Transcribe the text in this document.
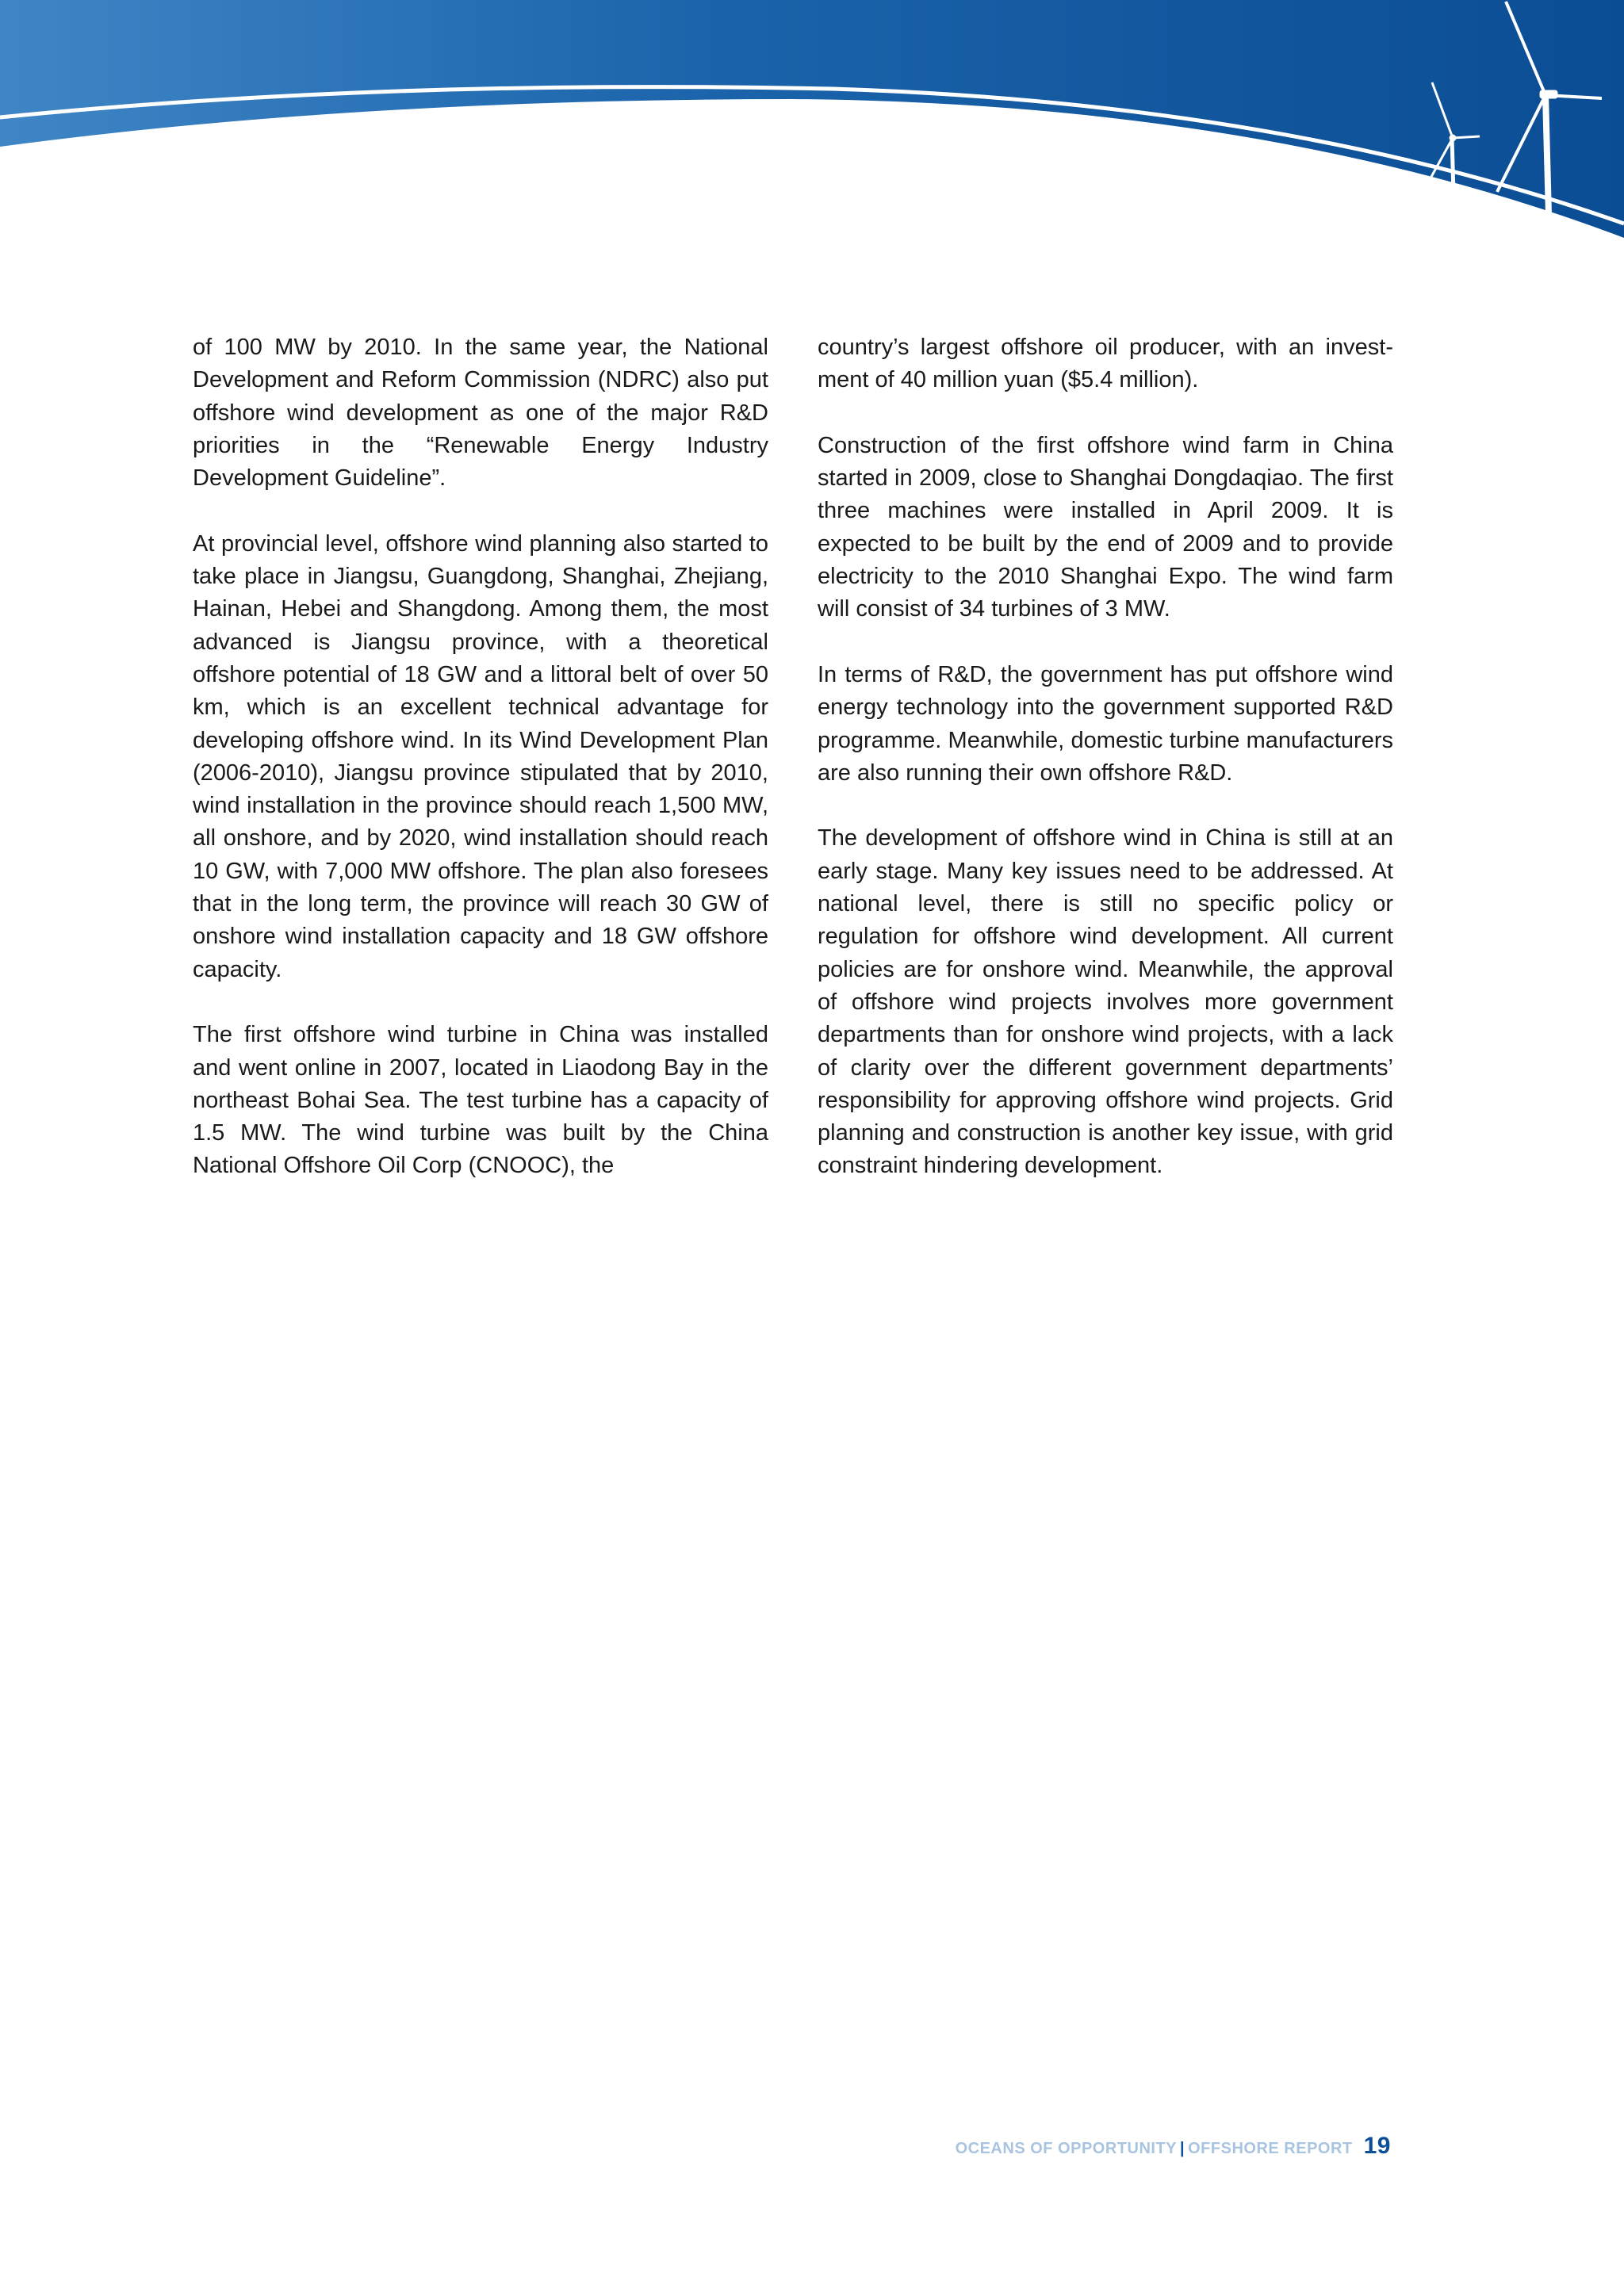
of 100 MW by 2010. In the same year, the National Development and Reform Commission (NDRC) also put offshore wind development as one of the major R&D priorities in the “Renewable Energy Industry Development Guideline”.

At provincial level, offshore wind planning also started to take place in Jiangsu, Guangdong, Shanghai, Zhejiang, Hainan, Hebei and Shangdong. Among them, the most advanced is Jiangsu province, with a theoretical offshore potential of 18 GW and a littoral belt of over 50 km, which is an excellent technical advantage for developing offshore wind. In its Wind Development Plan (2006-2010), Jiangsu province stipulated that by 2010, wind installation in the province should reach 1,500 MW, all onshore, and by 2020, wind installation should reach 10 GW, with 7,000 MW offshore. The plan also foresees that in the long term, the province will reach 30 GW of onshore wind installation capacity and 18 GW offshore capacity.

The first offshore wind turbine in China was installed and went online in 2007, located in Liaodong Bay in the northeast Bohai Sea. The test turbine has a capacity of 1.5 MW. The wind turbine was built by the China National Offshore Oil Corp (CNOOC), the

country’s largest offshore oil producer, with an investment of 40 million yuan ($5.4 million).

Construction of the first offshore wind farm in China started in 2009, close to Shanghai Dongdaqiao. The first three machines were installed in April 2009. It is expected to be built by the end of 2009 and to provide electricity to the 2010 Shanghai Expo. The wind farm will consist of 34 turbines of 3 MW.

In terms of R&D, the government has put offshore wind energy technology into the government supported R&D programme. Meanwhile, domestic turbine manufacturers are also running their own offshore R&D.

The development of offshore wind in China is still at an early stage. Many key issues need to be addressed. At national level, there is still no specific policy or regulation for offshore wind development. All current policies are for onshore wind. Meanwhile, the approval of offshore wind projects involves more government departments than for onshore wind projects, with a lack of clarity over the different government departments’ responsibility for approving offshore wind projects. Grid planning and construction is another key issue, with grid constraint hindering development.

OCEANS OF OPPORTUNITY | OFFSHORE REPORT 19
